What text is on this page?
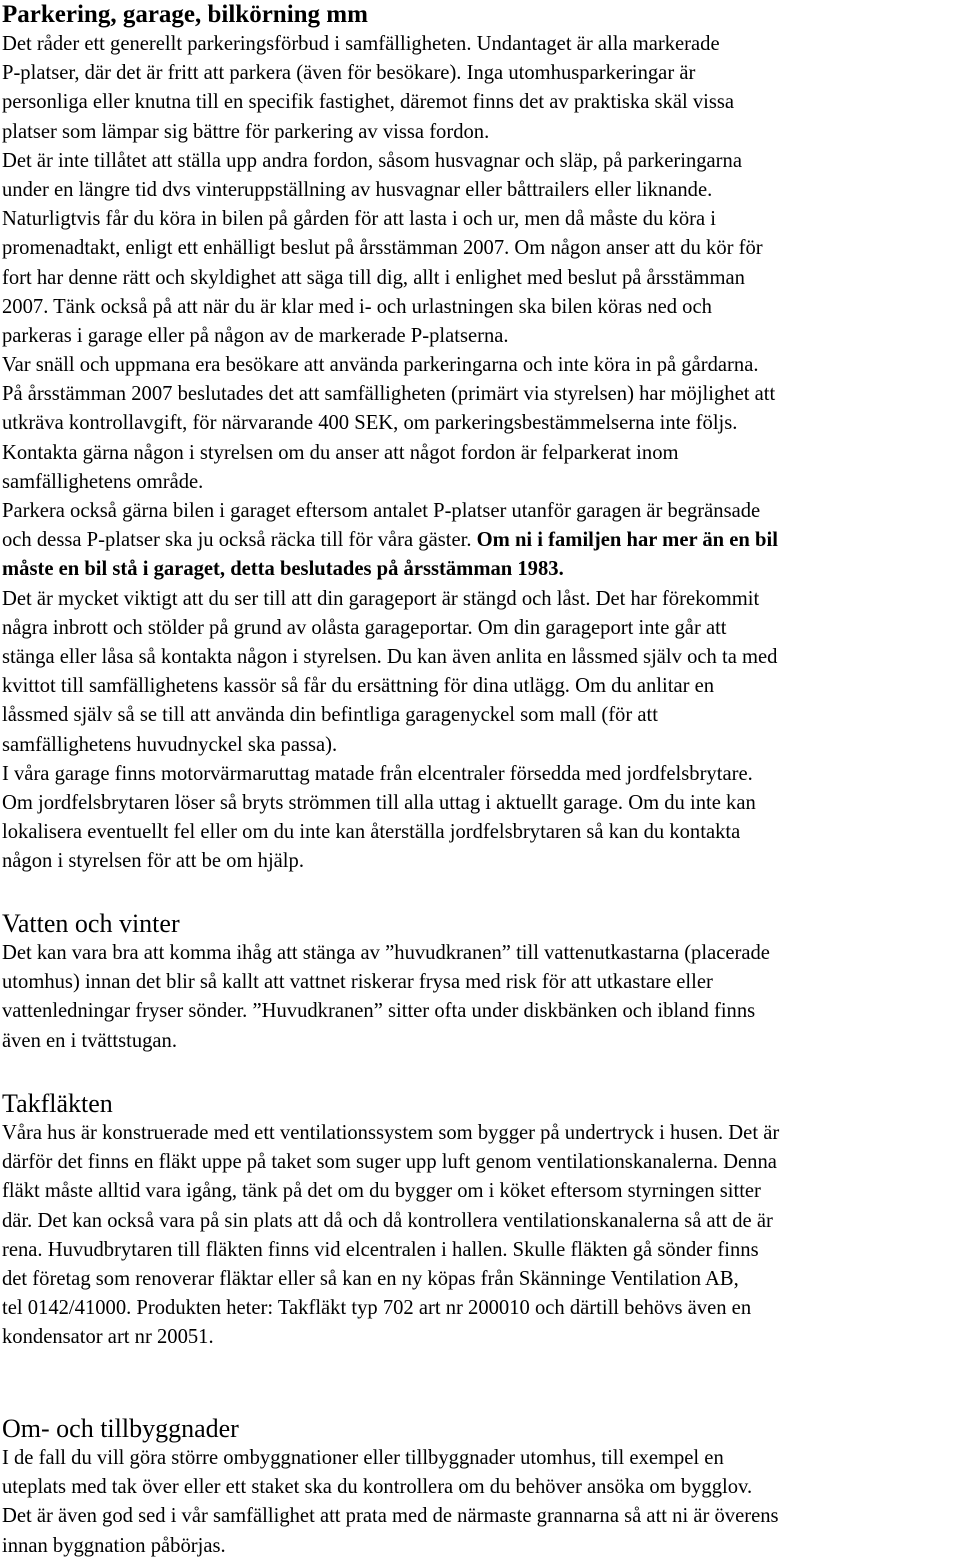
Parkering, garage, bilkörning mm
Det råder ett generellt parkeringsförbud i samfälligheten. Undantaget är alla markerade
P-platser, där det är fritt att parkera (även för besökare). Inga utomhusparkeringar är
personliga eller knutna till en specifik fastighet, däremot finns det av praktiska skäl vissa
platser som lämpar sig bättre för parkering av vissa fordon.
Det är inte tillåtet att ställa upp andra fordon, såsom husvagnar och släp, på parkeringarna
under en längre tid dvs vinteruppställning av husvagnar eller båttrailers eller liknande.
Naturligtvis får du köra in bilen på gården för att lasta i och ur, men då måste du köra i
promenadtakt, enligt ett enhälligt beslut på årsstämman 2007. Om någon anser att du kör för
fort har denne rätt och skyldighet att säga till dig, allt i enlighet med beslut på årsstämman
2007. Tänk också på att när du är klar med i- och urlastningen ska bilen köras ned och
parkeras i garage eller på någon av de markerade P-platserna.
Var snäll och uppmana era besökare att använda parkeringarna och inte köra in på gårdarna.
På årsstämman 2007 beslutades det att samfälligheten (primärt via styrelsen) har möjlighet att
utkräva kontrollavgift, för närvarande 400 SEK, om parkeringsbestämmelserna inte följs.
Kontakta gärna någon i styrelsen om du anser att något fordon är felparkerat inom
samfällighetens område.
Parkera också gärna bilen i garaget eftersom antalet P-platser utanför garagen är begränsade
och dessa P-platser ska ju också räcka till för våra gäster. Om ni i familjen har mer än en bil
måste en bil stå i garaget, detta beslutades på årsstämman 1983.
Det är mycket viktigt att du ser till att din garageport är stängd och låst. Det har förekommit
några inbrott och stölder på grund av olåsta garageportar. Om din garageport inte går att
stänga eller låsa så kontakta någon i styrelsen. Du kan även anlita en låssmed själv och ta med
kvittot till samfällighetens kassör så får du ersättning för dina utlägg. Om du anlitar en
låssmed själv så se till att använda din befintliga garagenyckel som mall (för att
samfällighetens huvudnyckel ska passa).
I våra garage finns motorvärmaruttag matade från elcentraler försedda med jordfelsbrytare.
Om jordfelsbrytaren löser så bryts strömmen till alla uttag i aktuellt garage. Om du inte kan
lokalisera eventuellt fel eller om du inte kan återställa jordfelsbrytaren så kan du kontakta
någon i styrelsen för att be om hjälp.
Vatten och vinter
Det kan vara bra att komma ihåg att stänga av ”huvudkranen” till vattenutkastarna (placerade
utomhus) innan det blir så kallt att vattnet riskerar frysa med risk för att utkastare eller
vattenledningar fryser sönder. ”Huvudkranen” sitter ofta under diskbänken och ibland finns
även en i tvättstugan.
Takfläkten
Våra hus är konstruerade med ett ventilationssystem som bygger på undertryck i husen. Det är
därför det finns en fläkt uppe på taket som suger upp luft genom ventilationskanalerna. Denna
fläkt måste alltid vara igång, tänk på det om du bygger om i köket eftersom styrningen sitter
där. Det kan också vara på sin plats att då och då kontrollera ventilationskanalerna så att de är
rena. Huvudbrytaren till fläkten finns vid elcentralen i hallen. Skulle fläkten gå sönder finns
det företag som renoverar fläktar eller så kan en ny köpas från Skänninge Ventilation AB,
tel 0142/41000. Produkten heter: Takfläkt typ 702 art nr 200010 och därtill behövs även en
kondensator art nr 20051.
Om- och tillbyggnader
I de fall du vill göra större ombyggnationer eller tillbyggnader utomhus, till exempel en
uteplats med tak över eller ett staket ska du kontrollera om du behöver ansöka om bygglov.
Det är även god sed i vår samfällighet att prata med de närmaste grannarna så att ni är överens
innan byggnation påbörjas.
